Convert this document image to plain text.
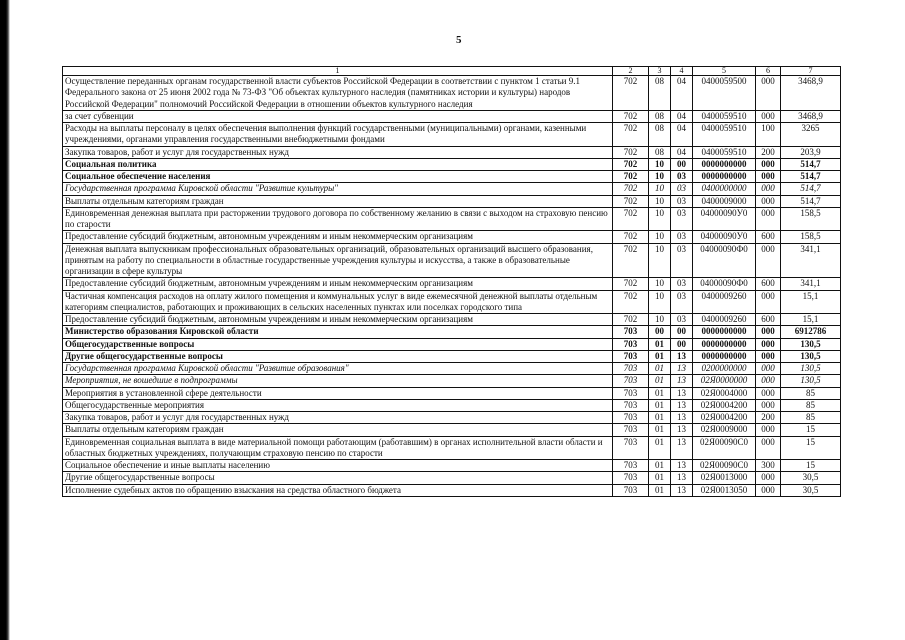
5
1	2	3	4	5	6	7
Осуществление переданных органам государственной власти субъектов Российской Федерации в соответствии с пунктом 1 статьи 9.1 Федерального закона от 25 июня 2002 года № 73-ФЗ "Об объектах культурного наследия (памятниках истории и культуры) народов Российской Федерации" полномочий Российской Федерации в отношении объектов культурного наследия	702	08	04	0400059500	000	3468,9
за счет субвенции	702	08	04	0400059510	000	3468,9
Расходы на выплаты персоналу в целях обеспечения выполнения функций государственными (муниципальными) органами, казенными учреждениями, органами управления государственными внебюджетными фондами	702	08	04	0400059510	100	3265
Закупка товаров, работ и услуг для государственных нужд	702	08	04	0400059510	200	203,9
Социальная политика	702	10	00	0000000000	000	514,7
Социальное обеспечение населения	702	10	03	0000000000	000	514,7
Государственная программа Кировской области "Развитие культуры"	702	10	03	0400000000	000	514,7
Выплаты отдельным категориям граждан	702	10	03	0400009000	000	514,7
Единовременная денежная выплата при расторжении трудового договора по собственному желанию в связи с выходом на страховую пенсию по старости	702	10	03	04000090У0	000	158,5
Предоставление субсидий бюджетным, автономным учреждениям и иным некоммерческим организациям	702	10	03	04000090У0	600	158,5
Денежная выплата выпускникам профессиональных образовательных организаций, образовательных организаций высшего образования, принятым на работу по специальности в областные государственные учреждения культуры и искусства, а также в образовательные организации в сфере культуры	702	10	03	04000090Ф0	000	341,1
Предоставление субсидий бюджетным, автономным учреждениям и иным некоммерческим организациям	702	10	03	04000090Ф0	600	341,1
Частичная компенсация расходов на оплату жилого помещения и коммунальных услуг в виде ежемесячной денежной выплаты отдельным категориям специалистов, работающих и проживающих в сельских населенных пунктах или поселках городского типа	702	10	03	0400009260	000	15,1
Предоставление субсидий бюджетным, автономным учреждениям и иным некоммерческим организациям	702	10	03	0400009260	600	15,1
Министерство образования Кировской области	703	00	00	0000000000	000	6912786
Общегосударственные вопросы	703	01	00	0000000000	000	130,5
Другие общегосударственные вопросы	703	01	13	0000000000	000	130,5
Государственная программа Кировской области "Развитие образования"	703	01	13	0200000000	000	130,5
Мероприятия, не вошедшие в подпрограммы	703	01	13	02Я0000000	000	130,5
Мероприятия в установленной сфере деятельности	703	01	13	02Я0004000	000	85
Общегосударственные мероприятия	703	01	13	02Я0004200	000	85
Закупка товаров, работ и услуг для государственных нужд	703	01	13	02Я0004200	200	85
Выплаты отдельным категориям граждан	703	01	13	02Я0009000	000	15
Единовременная социальная выплата в виде материальной помощи работающим (работавшим) в органах исполнительной власти области и областных бюджетных учреждениях, получающим страховую пенсию по старости	703	01	13	02Я00090С0	000	15
Социальное обеспечение и иные выплаты населению	703	01	13	02Я00090С0	300	15
Другие общегосударственные вопросы	703	01	13	02Я0013000	000	30,5
Исполнение судебных актов по обращению взыскания на средства областного бюджета	703	01	13	02Я0013050	000	30,5
